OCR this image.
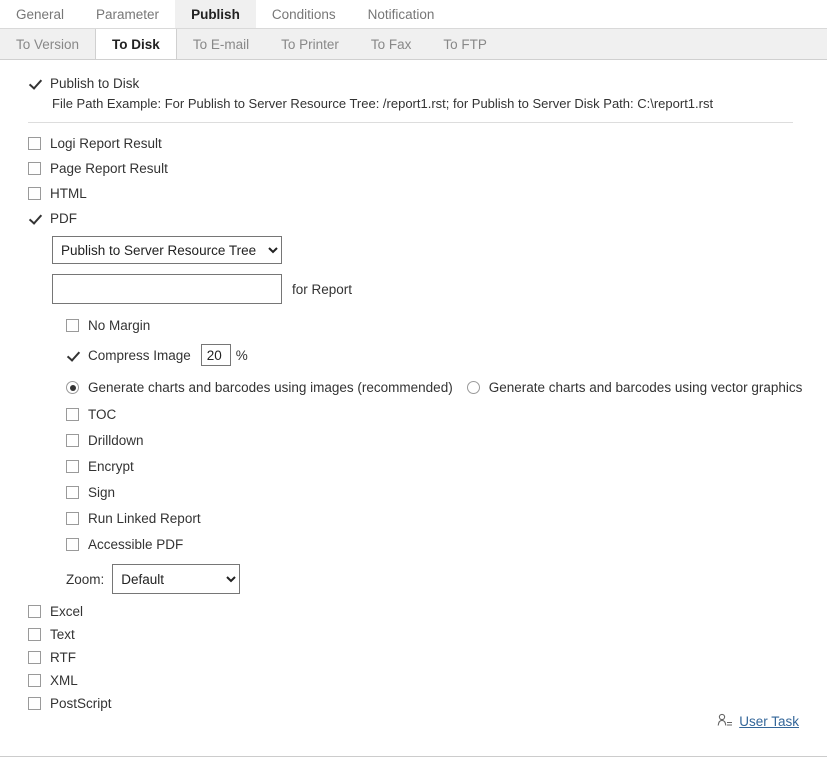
General	Parameter	Publish	Conditions	Notification
To Version	To Disk	To E-mail	To Printer	To Fax	To FTP
Publish to Disk
File Path Example: For Publish to Server Resource Tree: /report1.rst; for Publish to Server Disk Path: C:\report1.rst
Logi Report Result
Page Report Result
HTML
PDF
Publish to Server Resource Tree
for Report
No Margin
Compress Image
20	%
Generate charts and barcodes using images (recommended)	Generate charts and barcodes using vector graphics
TOC
Drilldown
Encrypt
Sign
Run Linked Report
Accessible PDF
Zoom:
Default
Excel
Text
RTF
XML
PostScript
User Task
